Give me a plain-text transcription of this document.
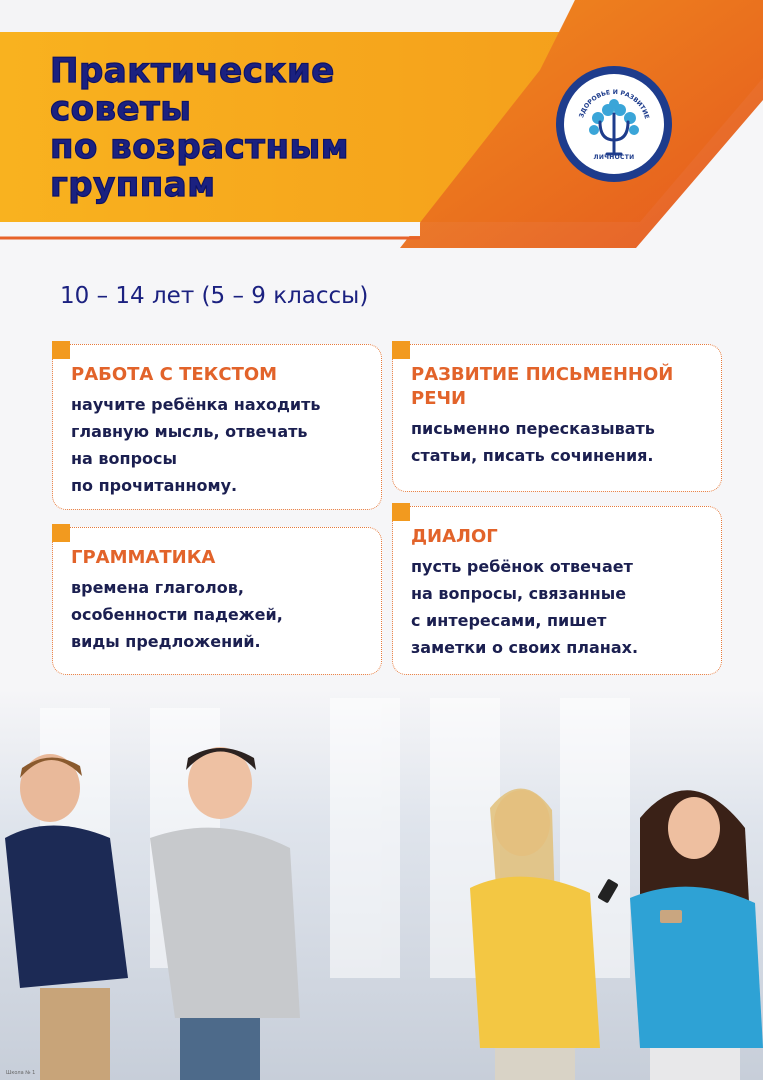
Практические
советы
по возрастным
группам
ЗДОРОВЬЕ И РАЗВИТИЕ
ЛИЧНОСТИ
10 – 14 лет (5 – 9 классы)
РАБОТА С ТЕКСТОМ

научите ребёнка находить
главную мысль, отвечать
на вопросы
по прочитанному.

РАЗВИТИЕ ПИСЬМЕННОЙ РЕЧИ

письменно пересказывать
статьи, писать сочинения.

ГРАММАТИКА

времена глаголов,
особенности падежей,
виды предложений.

ДИАЛОГ

пусть ребёнок отвечает
на вопросы, связанные
с интересами, пишет
заметки о своих планах.

Школа № 1
